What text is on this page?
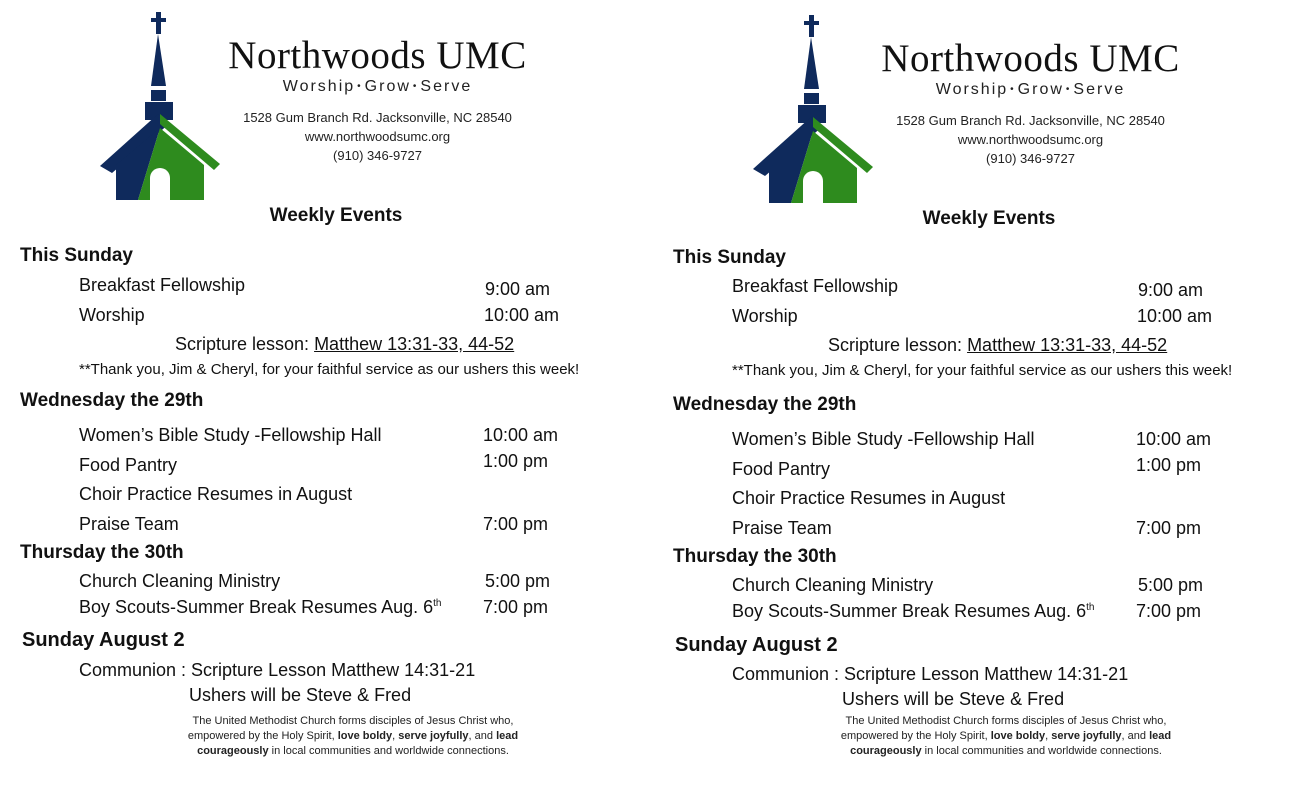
Northwoods UMC
Worship • Grow • Serve
1528 Gum Branch Rd. Jacksonville, NC 28540
www.northwoodsumc.org
(910) 346-9727
Weekly Events
This Sunday
Breakfast Fellowship	9:00 am
Worship	10:00 am
Scripture lesson: Matthew 13:31-33, 44-52
**Thank you, Jim & Cheryl, for your faithful service as our ushers this week!
Wednesday the 29th
Women’s Bible Study -Fellowship Hall	10:00 am
Food Pantry	1:00 pm
Choir Practice Resumes in August
Praise Team	7:00 pm
Thursday the 30th
Church Cleaning Ministry	5:00 pm
Boy Scouts-Summer Break Resumes Aug. 6th 7:00 pm
Sunday August 2
Communion : Scripture Lesson Matthew 14:31-21
Ushers will be Steve & Fred
The United Methodist Church forms disciples of Jesus Christ who,
empowered by the Holy Spirit, love boldy, serve joyfully, and lead
courageously in local communities and worldwide connections.
Northwoods UMC
Worship • Grow • Serve
1528 Gum Branch Rd. Jacksonville, NC 28540
www.northwoodsumc.org
(910) 346-9727
Weekly Events
This Sunday
Breakfast Fellowship	9:00 am
Worship	10:00 am
Scripture lesson: Matthew 13:31-33, 44-52
**Thank you, Jim & Cheryl, for your faithful service as our ushers this week!
Wednesday the 29th
Women’s Bible Study -Fellowship Hall	10:00 am
Food Pantry	1:00 pm
Choir Practice Resumes in August
Praise Team	7:00 pm
Thursday the 30th
Church Cleaning Ministry	5:00 pm
Boy Scouts-Summer Break Resumes Aug. 6th 7:00 pm
Sunday August 2
Communion : Scripture Lesson Matthew 14:31-21
Ushers will be Steve & Fred
The United Methodist Church forms disciples of Jesus Christ who,
empowered by the Holy Spirit, love boldy, serve joyfully, and lead
courageously in local communities and worldwide connections.
